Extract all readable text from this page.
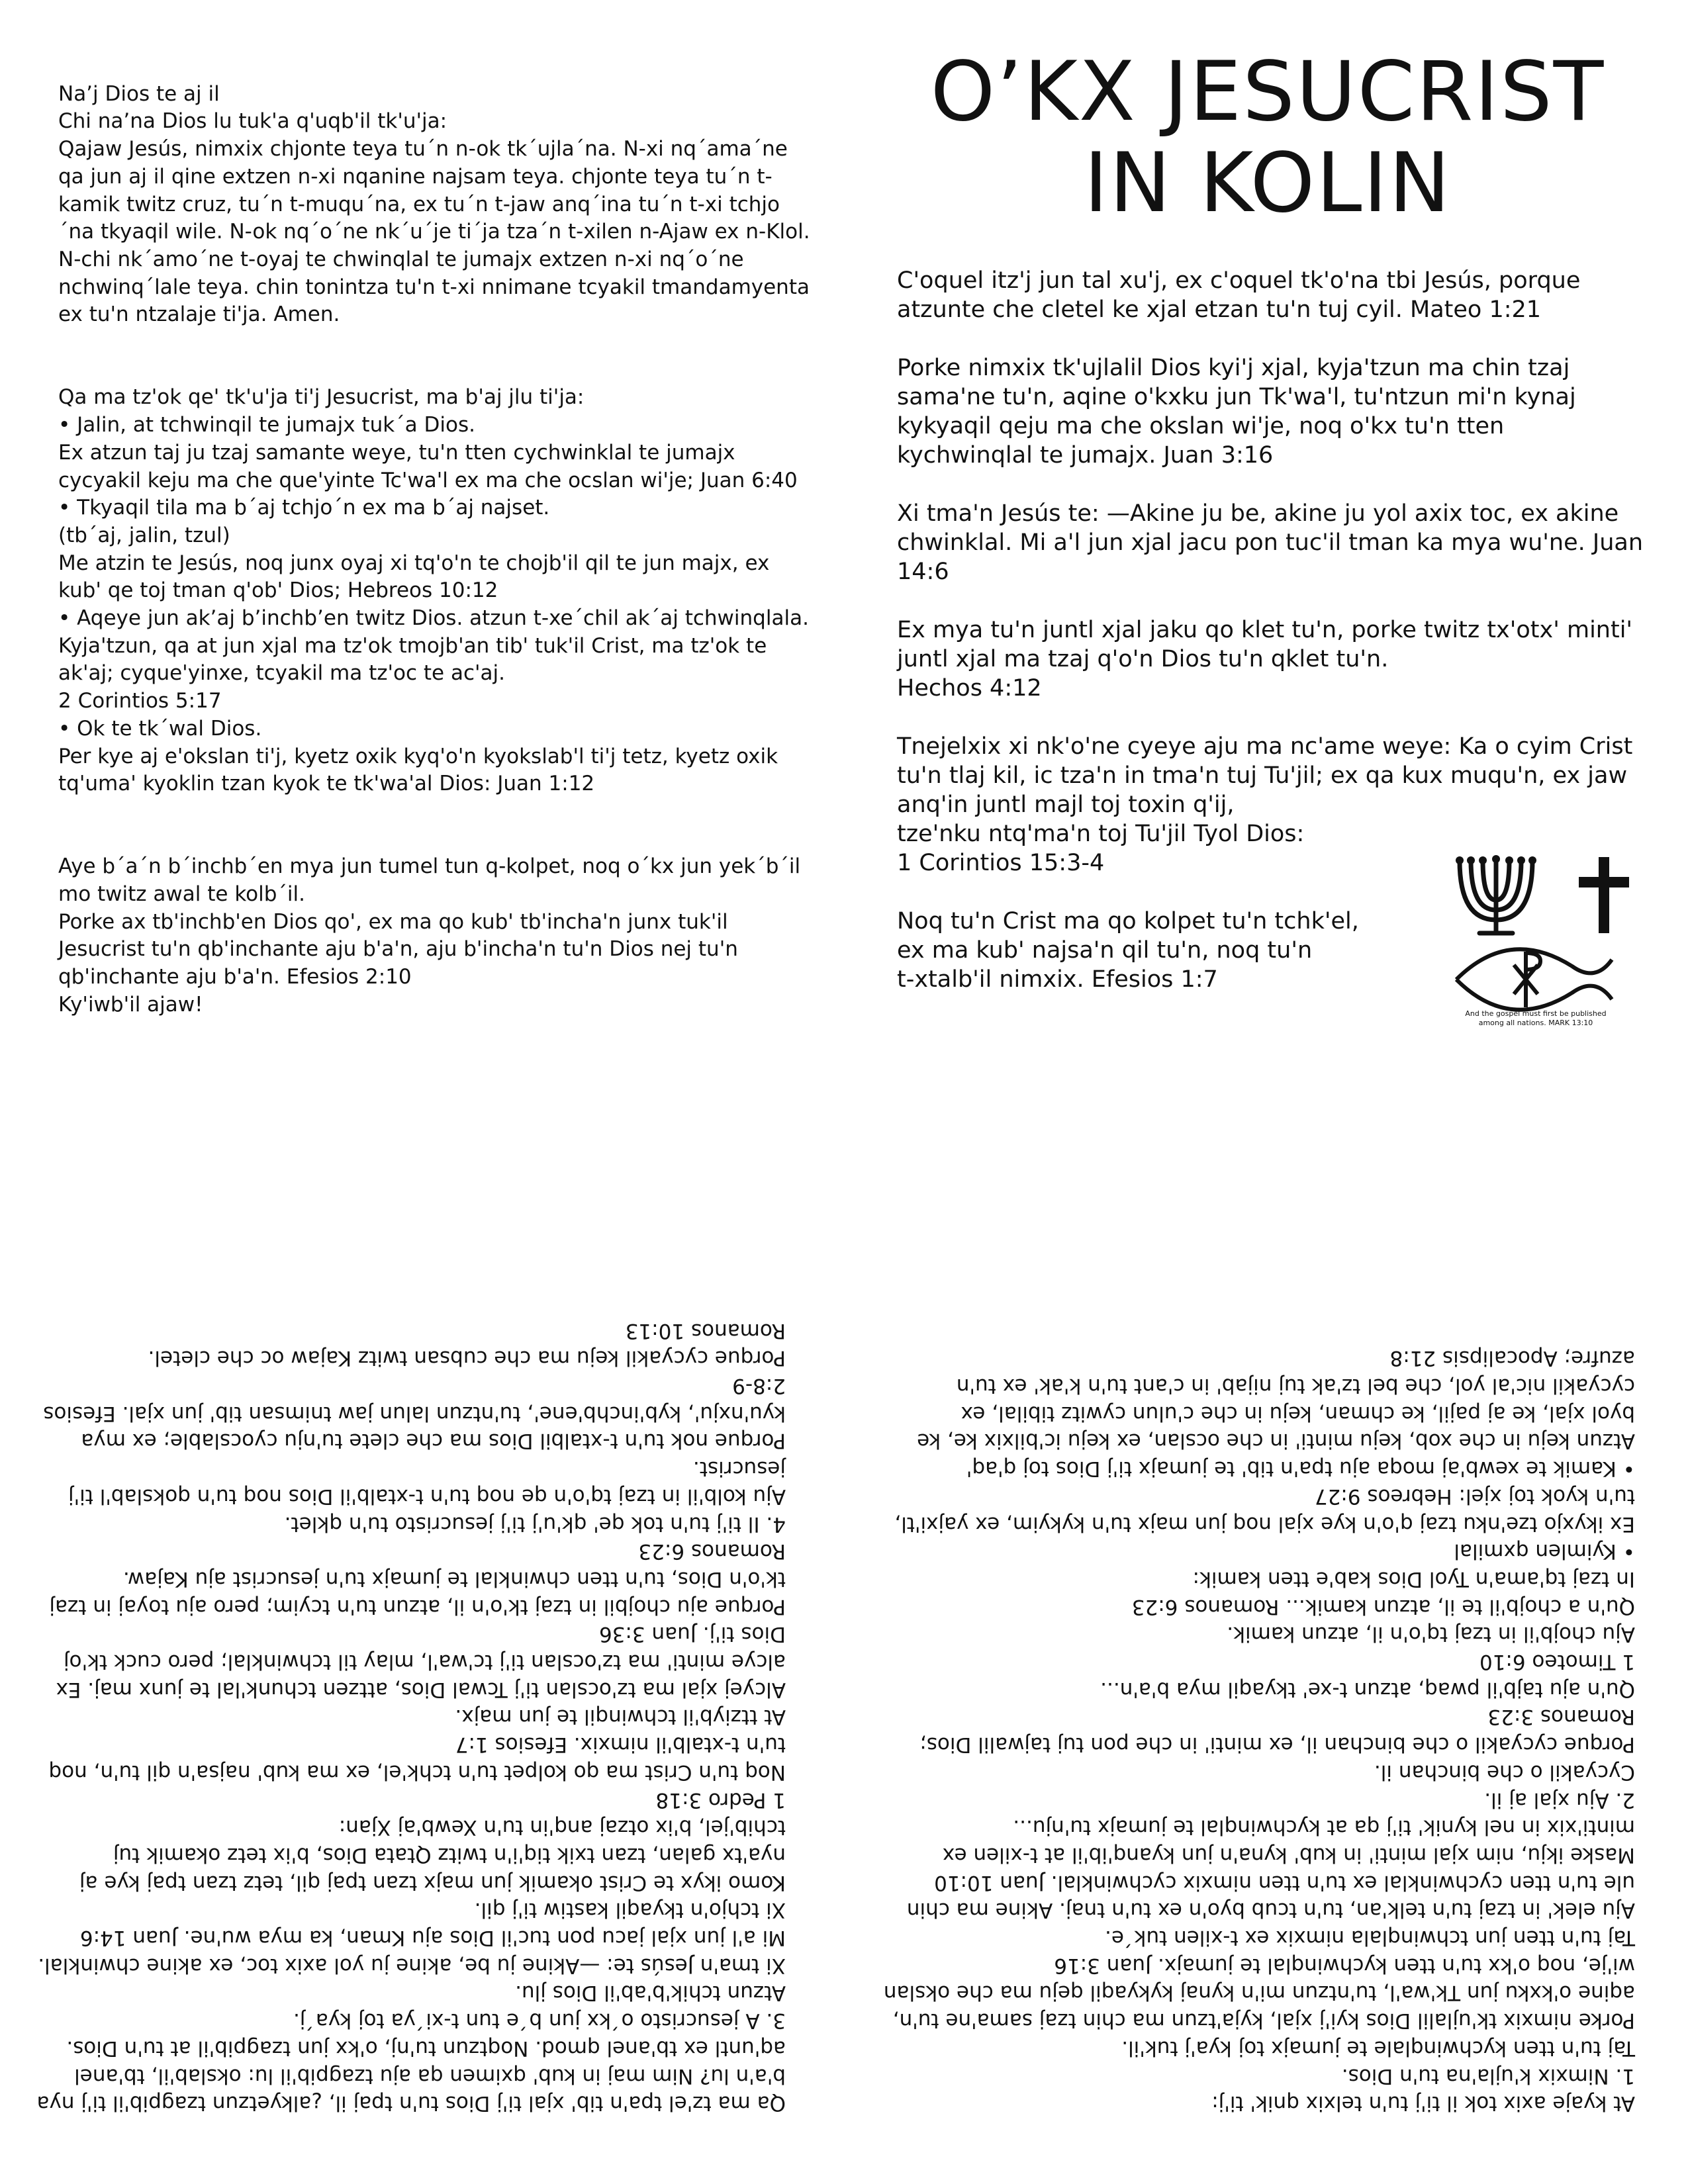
Na’j Dios te aj il
Chi na’na Dios lu tuk'a q'uqb'il tk'u'ja:
Qajaw Jesús, nimxix chjonte teya tu´n n-ok tk´ujla´na. N-xi nq´ama´ne qa jun aj il qine extzen n-xi nqanine najsam teya. chjonte teya tu´n t-kamik twitz cruz, tu´n t-muqu´na, ex tu´n t-jaw anq´ina tu´n t-xi tchjo´na tkyaqil wile. N-ok nq´o´ne nk´u´je ti´ja tza´n t-xilen n-Ajaw ex n-Klol. N-chi nk´amo´ne t-oyaj te chwinqlal te jumajx extzen n-xi nq´o´ne nchwinq´lale teya. chin tonintza tu'n t-xi nnimane tcyakil tmandamyenta ex tu'n ntzalaje ti'ja. Amen.

Qa ma tz'ok qe' tk'u'ja ti'j Jesucrist, ma b'aj jlu ti'ja:
• Jalin, at tchwinqil te jumajx tuk´a Dios.
Ex atzun taj ju tzaj samante weye, tu'n tten cychwinklal te jumajx cycyakil keju ma che que'yinte Tc'wa'l ex ma che ocslan wi'je; Juan 6:40
• Tkyaqil tila ma b´aj tchjo´n ex ma b´aj najset.
(tb´aj, jalin, tzul)
Me atzin te Jesús, noq junx oyaj xi tq'o'n te chojb'il qil te jun majx, ex kub' qe toj tman q'ob' Dios; Hebreos 10:12
• Aqeye jun ak’aj b’inchb’en twitz Dios. atzun t-xe´chil ak´aj tchwinqlala.
Kyja'tzun, qa at jun xjal ma tz'ok tmojb'an tib' tuk'il Crist, ma tz'ok te ak'aj; cyque'yinxe, tcyakil ma tz'oc te ac'aj.
2 Corintios 5:17
• Ok te tk´wal Dios.
Per kye aj e'okslan ti'j, kyetz oxik kyq'o'n kyokslab'l ti'j tetz, kyetz oxik tq'uma' kyoklin tzan kyok te tk'wa'al Dios: Juan 1:12

Aye b´a´n b´inchb´en mya jun tumel tun q-kolpet, noq o´kx jun yek´b´il mo twitz awal te kolb´il.
Porke ax tb'inchb'en Dios qo', ex ma qo kub' tb'incha'n junx tuk'il Jesucrist tu'n qb'inchante aju b'a'n, aju b'incha'n tu'n Dios nej tu'n qb'inchante aju b'a'n. Efesios 2:10
Ky'iwb'il ajaw!

O’KX JESUCRIST
IN KOLIN

C'oquel itz'j jun tal xu'j, ex c'oquel tk'o'na tbi Jesús, porque atzunte che cletel ke xjal etzan tu'n tuj cyil. Mateo 1:21

Porke nimxix tk'ujlalil Dios kyi'j xjal, kyja'tzun ma chin tzaj sama'ne tu'n, aqine o'kxku jun Tk'wa'l, tu'ntzun mi'n kynaj kykyaqil qeju ma che okslan wi'je, noq o'kx tu'n tten kychwinqlal te jumajx. Juan 3:16

Xi tma'n Jesús te: —Akine ju be, akine ju yol axix toc, ex akine chwinklal. Mi a'l jun xjal jacu pon tuc'il tman ka mya wu'ne. Juan 14:6

Ex mya tu'n juntl xjal jaku qo klet tu'n, porke twitz tx'otx' minti' juntl xjal ma tzaj q'o'n Dios tu'n qklet tu'n.
Hechos 4:12

Tnejelxix xi nk'o'ne cyeye aju ma nc'ame weye: Ka o cyim Crist tu'n tlaj kil, ic tza'n in tma'n tuj Tu'jil; ex qa kux muqu'n, ex jaw anq'in juntl majl toj toxin q'ij,
tze'nku ntq'ma'n toj Tu'jil Tyol Dios:
1 Corintios 15:3-4

Noq tu'n Crist ma qo kolpet tu'n tchk'el,
ex ma kub' najsa'n qil tu'n, noq tu'n
t-xtalb'il nimxix. Efesios 1:7

And the gospel must first be published
among all nations. MARK 13:10

Qa ma tz'el tpa'n tib' xjal ti'j Dios tu'n tpaj il, ¿alkyetzun tzagpib'il ti'j nya b'a'n lu? Nim maj in kub' qximen qa aju tzagpib'il lu: okslab'il, tb'anel aq'untl ex tb'anel qmod. Noqtzun tu'nj, o'kx jun tzagpib'il at tu'n Dios.
3. A jesucristo o´kx jun b´e tun t-xi´ya toj kya´j.
Atzun tchik'b'ab'il Dios jlu.
Xi tma'n Jesús te: —Akine ju be, akine ju yol axix toc, ex akine chwinklal. Mi a'l jun xjal jacu pon tuc'il Dios aju Kman, ka mya wu'ne. Juan 14:6
Xi tchjo'n tkyaqil kastiw ti'j qil.
Komo ikyx te Crist okamik jun majx tzan tpaj qil, tetz tzan tpaj kye aj nya'tx galan, tzan txik tiq'i'n twitz Qtata Dios, b'ix tetz okamik tuj tchib'jel, b'ix otzaj anq'in tu'n Xewb'aj Xjan:
1 Pedro 3:18
Noq tu'n Crist ma qo kolpet tu'n tchk'el, ex ma kub' najsa'n qil tu'n, noq tu'n t-xtalb'il nimxix. Efesios 1:7
At ttziyb'il tchwinqil te jun majx.
Alcyej xjal ma tz'ocslan ti'j Tcwal Dios, attzen tchunk'lal te junx maj. Ex alcye minti' ma tz'ocslan ti'j tc'wa'l, mlay til tchwinklal; pero cuck tk'oj Dios ti'j. Juan 3:36
Porque aju chojbil in tzaj tk'o'n il, atzun tu'n tcyim; pero aju toyaj in tzaj tk'o'n Dios, tu'n tten chwinklal te jumajx tu'n jesucrist aju Kajaw. Romanos 6:23
4. Il ti'j tu'n tok qe' qk'u'j ti'j jesucristo tu'n qklet.
Aju kolb'il in tzaj tq'o'n qe noq tu'n t-xtalb'il Dios noq tu'n qokslab'l ti'j jesucrist.
Porque nok tu'n t-xtalbil Dios ma che clete tu'nju cyocslable; ex mya kyu'nxju', kyb'inchb'ene', tu'ntzun lalun jaw tnimsan tib' jun xjal. Efesios 2:8-9
Porque cycyakil keju ma che cubsan twitz Kajaw oc che cletel.
Romanos 10:13

At kyaje axix tok il ti'j tu'n telxix qnik' ti'j:
1. Nimxix k'ujla'na tu'n Dios.
Taj tu'n tten kychwinqlale te jumajx toj kya'j tuk'il.
Porke nimxix tk'ujlalil Dios kyi'j xjal, kyja'tzun ma chin tzaj sama'ne tu'n, aqine o'kxku jun Tk'wa'l, tu'ntzun mi'n kynaj kykyaqil qeju ma che okslan wi'je, noq o'kx tu'n tten kychwinqlal te jumajx. Juan 3:16
Taj tu'n tten jun tchwinqlala nimxix ex t-xilen tuk´e.
Aju elek' in tzaj tu'n telk'an, tu'n tcub byo'n ex tu'n tnaj. Akine ma chin ule tu'n tten cychwinklal ex tu'n tten nimxix cychwinklal. Juan 10:10
Maske ikju, nim xjal minti' in kub' kyna'n jun kyanq'ib'il at t-xilen ex minti'xix in nel kynik' ti'j qa at kychwinqlal te jumajx tu'nju...
2. Aju xjal aj il.
Cycyakil o che binchan il.
Porque cycyakil o che binchan il, ex minti' in che pon tuj tajwalil Dios; Romanos 3:23
Qu'n aju tajb'il pwaq, atzun t-xe' tkyaqil mya b'a'n...
1 Timoteo 6:10
Aju chojb'il in tzaj tq'o'n il, atzun kamik.
Qu'n a chojb'il te il, atzun kamik... Romanos 6:23
In tzaj tq'ama'n Tyol Dios kab'e tten kamik:
• Kyimlen qxmilal
Ex ikyxjo tze'nku tzaj q'o'n kye xjal noq jun majx tu'n kykyim, ex yajxi'tl, tu'n kyok toj xjel: Hebreos 9:27
• Kamik te xewb'aj moqa aju tpa'n tib' te jumajx ti'j Dios toj q'aq'
Atzun keju in che xob, keju minti' in che ocslan, ex keju ic'bilxix ke, ke byol xjal, ke aj pajil, ke chman, keju in che c'ulun cywitz tibilal, ex cycyakil nic'al yol, che bel tz'ak tuj nijab' in c'ant tu'n k'ak' ex tu'n azufre; Apocalipsis 21:8
